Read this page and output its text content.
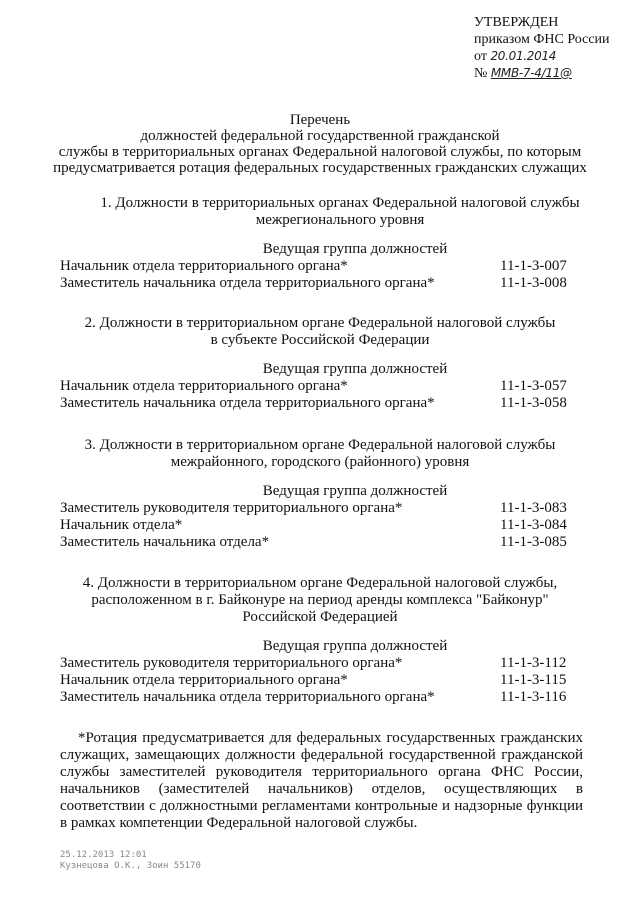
УТВЕРЖДЕН
приказом ФНС России
от 20.01.2014
№ ММВ-7-4/11@
Перечень
должностей федеральной государственной гражданской
службы в территориальных органах Федеральной налоговой службы, по которым
предусматривается ротация федеральных государственных гражданских служащих
1. Должности в территориальных органах Федеральной налоговой службы
межрегионального уровня
Ведущая группа должностей
Начальник отдела территориального органа*	11-1-3-007
Заместитель начальника отдела территориального органа*	11-1-3-008
2. Должности в территориальном органе Федеральной налоговой службы
в субъекте Российской Федерации
Ведущая группа должностей
Начальник отдела территориального органа*	11-1-3-057
Заместитель начальника отдела территориального органа*	11-1-3-058
3. Должности в территориальном органе Федеральной налоговой службы
межрайонного, городского (районного) уровня
Ведущая группа должностей
Заместитель руководителя территориального органа*	11-1-3-083
Начальник отдела*	11-1-3-084
Заместитель начальника отдела*	11-1-3-085
4. Должности в территориальном органе Федеральной налоговой службы,
расположенном в г. Байконуре на период аренды комплекса "Байконур"
Российской Федерацией
Ведущая группа должностей
Заместитель руководителя территориального органа*	11-1-3-112
Начальник отдела территориального органа*	11-1-3-115
Заместитель начальника отдела территориального органа*	11-1-3-116
*Ротация предусматривается для федеральных государственных гражданских служащих, замещающих должности федеральной государственной гражданской службы заместителей руководителя территориального органа ФНС России, начальников (заместителей начальников) отделов, осуществляющих в соответствии с должностными регламентами контрольные и надзорные функции в рамках компетенции Федеральной налоговой службы.
25.12.2013 12:01
Кузнецова О.К., Зоин 55170
